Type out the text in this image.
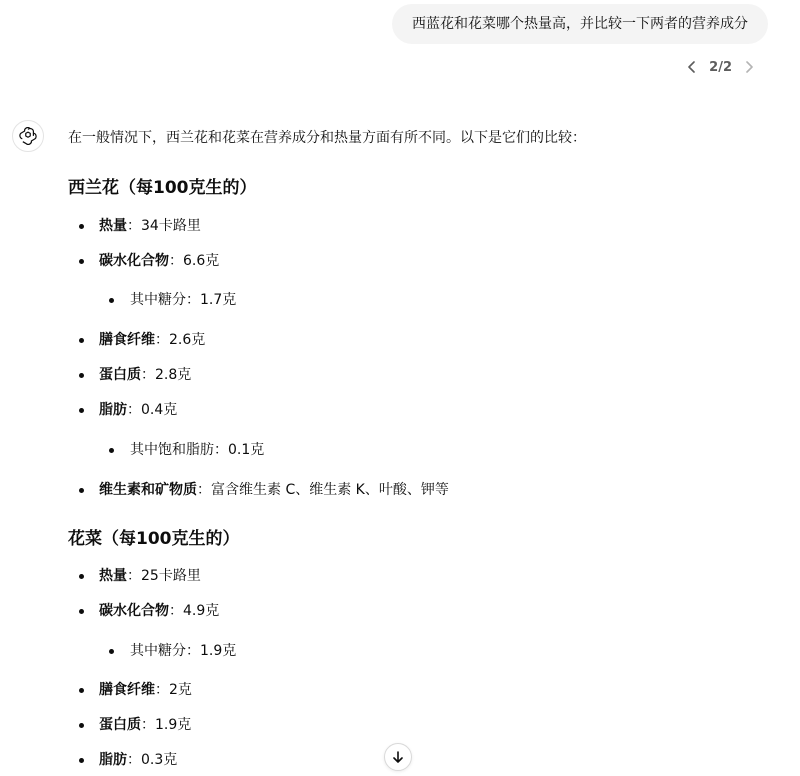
西蓝花和花菜哪个热量高，并比较一下两者的营养成分
2/2
在一般情况下，西兰花和花菜在营养成分和热量方面有所不同。以下是它们的比较：
西兰花（每100克生的）
热量：34卡路里
碳水化合物：6.6克
其中糖分：1.7克
膳食纤维：2.6克
蛋白质：2.8克
脂肪：0.4克
其中饱和脂肪：0.1克
维生素和矿物质：富含维生素 C、维生素 K、叶酸、钾等
花菜（每100克生的）
热量：25卡路里
碳水化合物：4.9克
其中糖分：1.9克
膳食纤维：2克
蛋白质：1.9克
脂肪：0.3克
